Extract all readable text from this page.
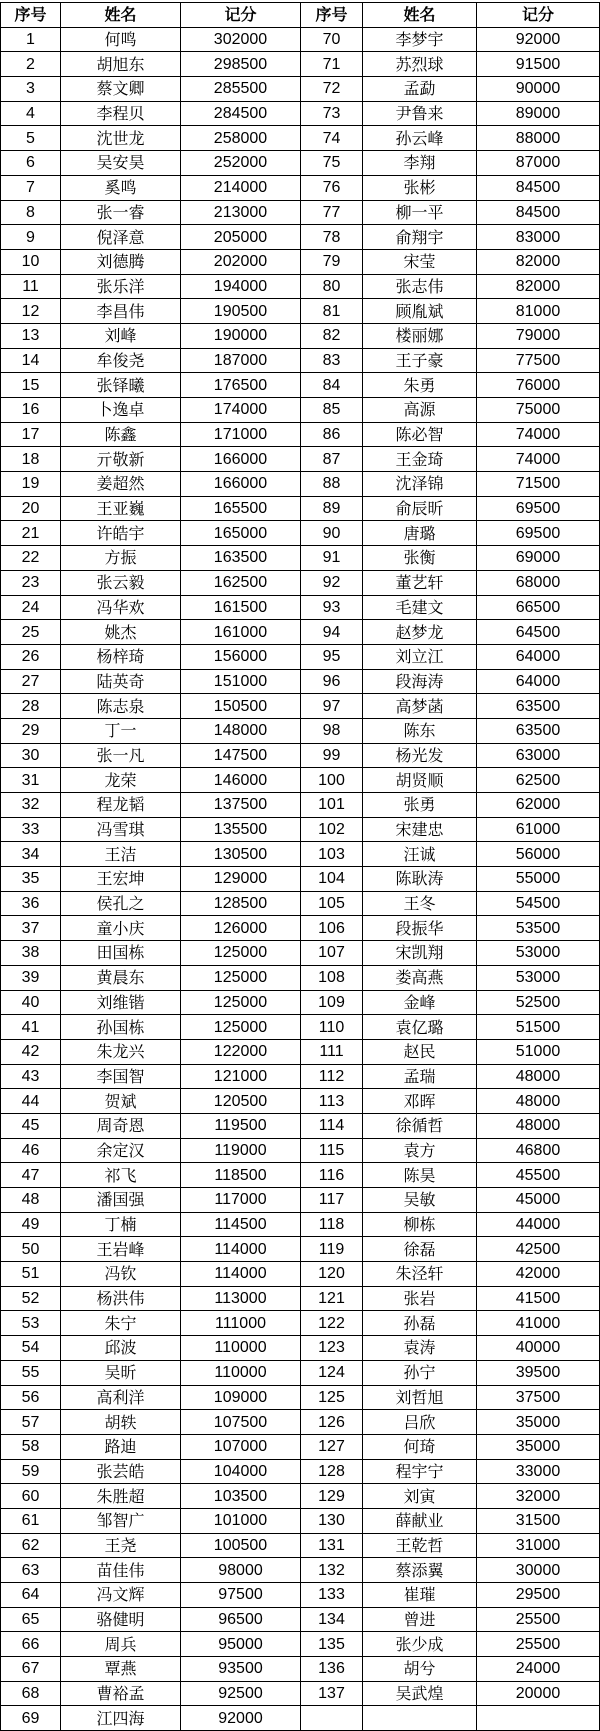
序号	姓名	记分
1	何鸣	302000
2	胡旭东	298500
3	蔡文卿	285500
4	李程贝	284500
5	沈世龙	258000
6	吴安昊	252000
7	奚鸣	214000
8	张一睿	213000
9	倪泽意	205000
10	刘德腾	202000
11	张乐洋	194000
12	李昌伟	190500
13	刘峰	190000
14	牟俊尧	187000
15	张铎曦	176500
16	卜逸卓	174000
17	陈鑫	171000
18	亓敬新	166000
19	姜超然	166000
20	王亚巍	165500
21	许皓宇	165000
22	方振	163500
23	张云毅	162500
24	冯华欢	161500
25	姚杰	161000
26	杨梓琦	156000
27	陆英奇	151000
28	陈志泉	150500
29	丁一	148000
30	张一凡	147500
31	龙荣	146000
32	程龙韬	137500
33	冯雪琪	135500
34	王洁	130500
35	王宏坤	129000
36	侯孔之	128500
37	童小庆	126000
38	田国栋	125000
39	黄晨东	125000
40	刘维锴	125000
41	孙国栋	125000
42	朱龙兴	122000
43	李国智	121000
44	贺斌	120500
45	周奇恩	119500
46	余定汉	119000
47	祁飞	118500
48	潘国强	117000
49	丁楠	114500
50	王岩峰	114000
51	冯钦	114000
52	杨洪伟	113000
53	朱宁	111000
54	邱波	110000
55	吴昕	110000
56	高利洋	109000
57	胡轶	107500
58	路迪	107000
59	张芸皓	104000
60	朱胜超	103500
61	邹智广	101000
62	王尧	100500
63	苗佳伟	98000
64	冯文辉	97500
65	骆健明	96500
66	周兵	95000
67	覃燕	93500
68	曹裕孟	92500
69	江四海	92000
序号	姓名	记分
70	李梦宇	92000
71	苏烈球	91500
72	孟勐	90000
73	尹鲁来	89000
74	孙云峰	88000
75	李翔	87000
76	张彬	84500
77	柳一平	84500
78	俞翔宇	83000
79	宋莹	82000
80	张志伟	82000
81	顾胤斌	81000
82	楼丽娜	79000
83	王子豪	77500
84	朱勇	76000
85	高源	75000
86	陈必智	74000
87	王金琦	74000
88	沈泽锦	71500
89	俞辰昕	69500
90	唐璐	69500
91	张衡	69000
92	董艺轩	68000
93	毛建文	66500
94	赵梦龙	64500
95	刘立江	64000
96	段海涛	64000
97	高梦菡	63500
98	陈东	63500
99	杨光发	63000
100	胡贤顺	62500
101	张勇	62000
102	宋建忠	61000
103	汪诚	56000
104	陈耿涛	55000
105	王冬	54500
106	段振华	53500
107	宋凯翔	53000
108	娄高燕	53000
109	金峰	52500
110	袁亿璐	51500
111	赵民	51000
112	孟瑞	48000
113	邓晖	48000
114	徐循哲	48000
115	袁方	46800
116	陈昊	45500
117	吴敏	45000
118	柳栋	44000
119	徐磊	42500
120	朱泾轩	42000
121	张岩	41500
122	孙磊	41000
123	袁涛	40000
124	孙宁	39500
125	刘哲旭	37500
126	吕欣	35000
127	何琦	35000
128	程宇宁	33000
129	刘寅	32000
130	薛献业	31500
131	王乾哲	31000
132	蔡添翼	30000
133	崔璀	29500
134	曾进	25500
135	张少成	25500
136	胡兮	24000
137	吴武煌	20000
